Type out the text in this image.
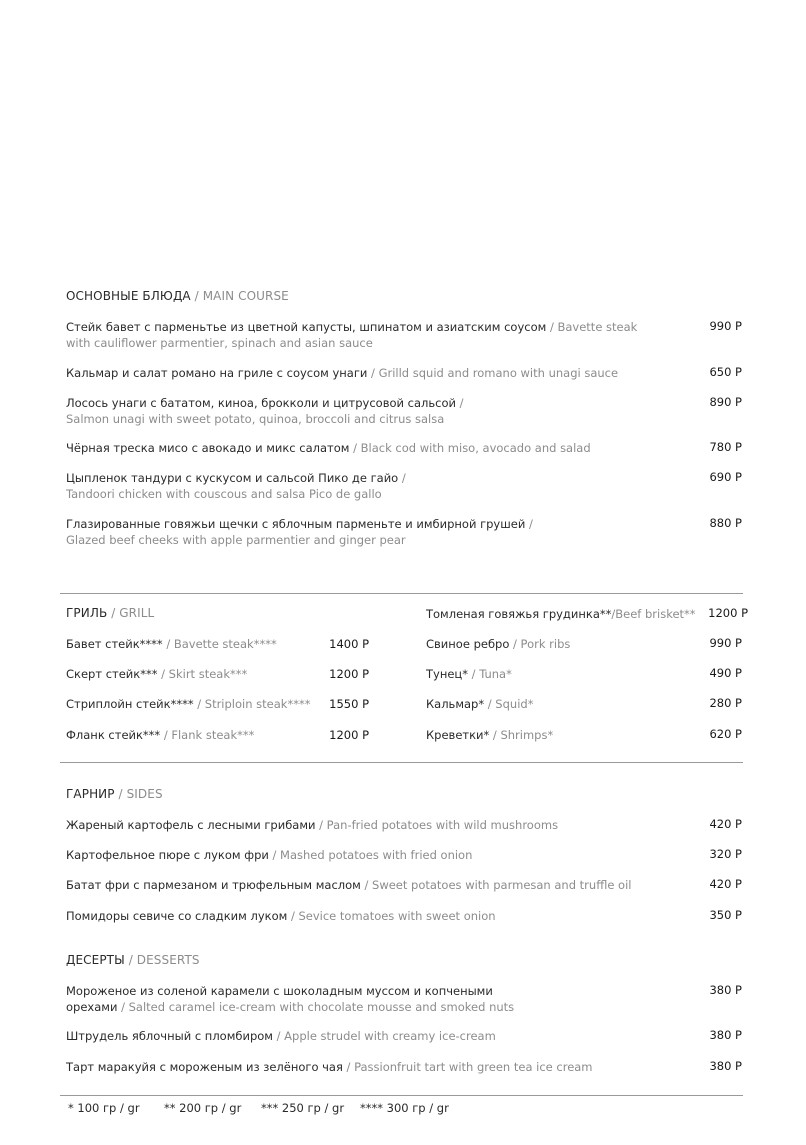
ОСНОВНЫЕ БЛЮДА / MAIN COURSE
Стейк бавет с парменьтье из цветной капусты, шпинатом и азиатским соусом / Bavette steak with cauliflower parmentier, spinach and asian sauce
990 Р
Кальмар и салат романо на гриле с соусом унаги / Grilld squid and romano with unagi sauce	650 Р
Лосось унаги с бататом, киноа, брокколи и цитрусовой сальсой / Salmon unagi with sweet potato, quinoa, broccoli and citrus salsa
890 Р
Чёрная треска мисо с авокадо и микс салатом / Black cod with miso, avocado and salad	780 Р
Цыпленок тандури с кускусом и сальсой Пико де гайо / Tandoori chicken with couscous and salsa Pico de gallo
690 Р
Глазированные говяжьи щечки с яблочным парменьте и имбирной грушей / Glazed beef cheeks with apple parmentier and ginger pear
880 Р
ГРИЛЬ / GRILL
Бавет стейк**** / Bavette steak****	1400 Р
Скерт стейк*** / Skirt steak***	1200 Р
Стриплойн стейк**** / Striploin steak****	1550 Р
Фланк стейк*** / Flank steak***	1200 Р
Томленая говяжья грудинка**/Beef brisket**	1200 Р
Свиное ребро / Pork ribs	990 Р
Тунец* / Tuna*	490 Р
Кальмар* / Squid*	280 Р
Креветки* / Shrimps*	620 Р
ГАРНИР / SIDES
Жареный картофель с лесными грибами / Pan-fried potatoes with wild mushrooms	420 Р
Картофельное пюре с луком фри / Mashed potatoes with fried onion	320 Р
Батат фри с пармезаном и трюфельным маслом / Sweet potatoes with parmesan and truffle oil	420 Р
Помидоры севиче со сладким луком / Sevice tomatoes with sweet onion	350 Р
ДЕСЕРТЫ / DESSERTS
Мороженое из соленой карамели с шоколадным муссом и копчеными орехами / Salted caramel ice-cream with chocolate mousse and smoked nuts
380 Р
Штрудель яблочный с пломбиром / Apple strudel with creamy ice-cream	380 Р
Тарт маракуйя с мороженым из зелёного чая / Passionfruit tart with green tea ice cream	380 Р
* 100 гр / gr ** 200 гр / gr *** 250 гр / gr **** 300 гр / gr
